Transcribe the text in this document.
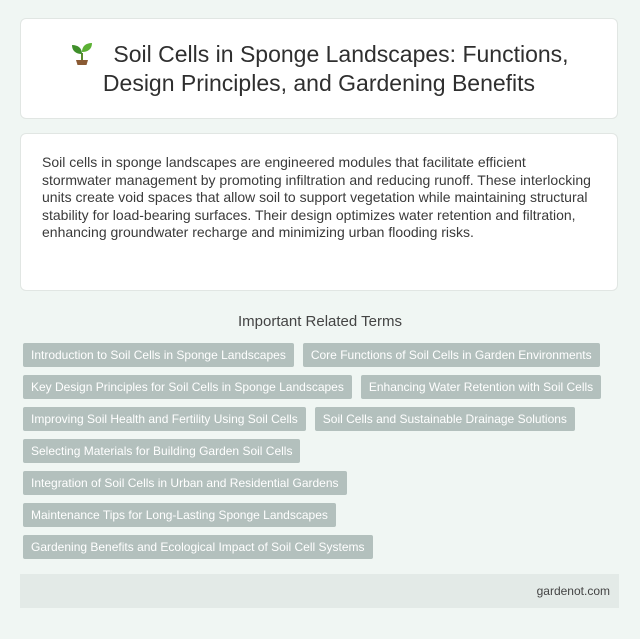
Soil Cells in Sponge Landscapes: Functions, Design Principles, and Gardening Benefits

Soil cells in sponge landscapes are engineered modules that facilitate efficient stormwater management by promoting infiltration and reducing runoff. These interlocking units create void spaces that allow soil to support vegetation while maintaining structural stability for load-bearing surfaces. Their design optimizes water retention and filtration, enhancing groundwater recharge and minimizing urban flooding risks.

Important Related Terms
Introduction to Soil Cells in Sponge Landscapes	Core Functions of Soil Cells in Garden Environments
Key Design Principles for Soil Cells in Sponge Landscapes	Enhancing Water Retention with Soil Cells
Improving Soil Health and Fertility Using Soil Cells	Soil Cells and Sustainable Drainage Solutions
Selecting Materials for Building Garden Soil Cells
Integration of Soil Cells in Urban and Residential Gardens
Maintenance Tips for Long-Lasting Sponge Landscapes
Gardening Benefits and Ecological Impact of Soil Cell Systems
gardenot.com
